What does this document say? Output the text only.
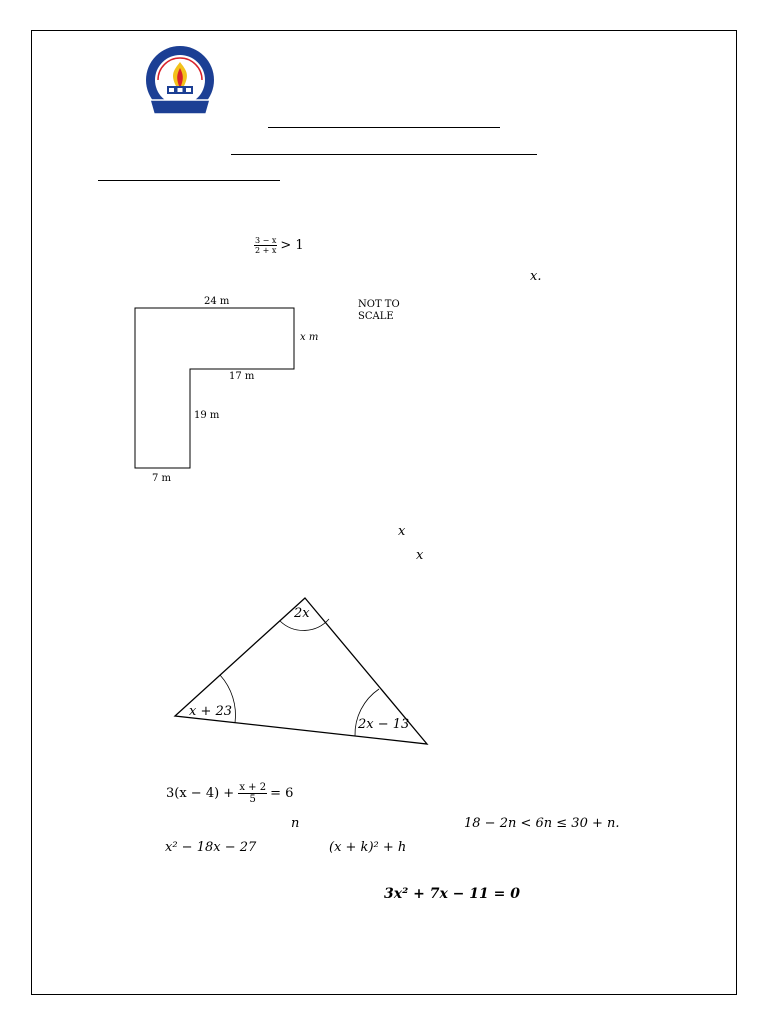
$\frac{3 - x}{2 + x} > 1$
x.
24 m
x m
17 m
19 m
7 m
NOT TO
SCALE
x
x
2x
x + 23
2x − 13
$3(x - 4) + \frac{x + 2}{5} = 6$
n	18 − 2n < 6n ≤ 30 + n.
x² − 18x − 27	(x + k)² + h
3x² + 7x − 11 = 0
